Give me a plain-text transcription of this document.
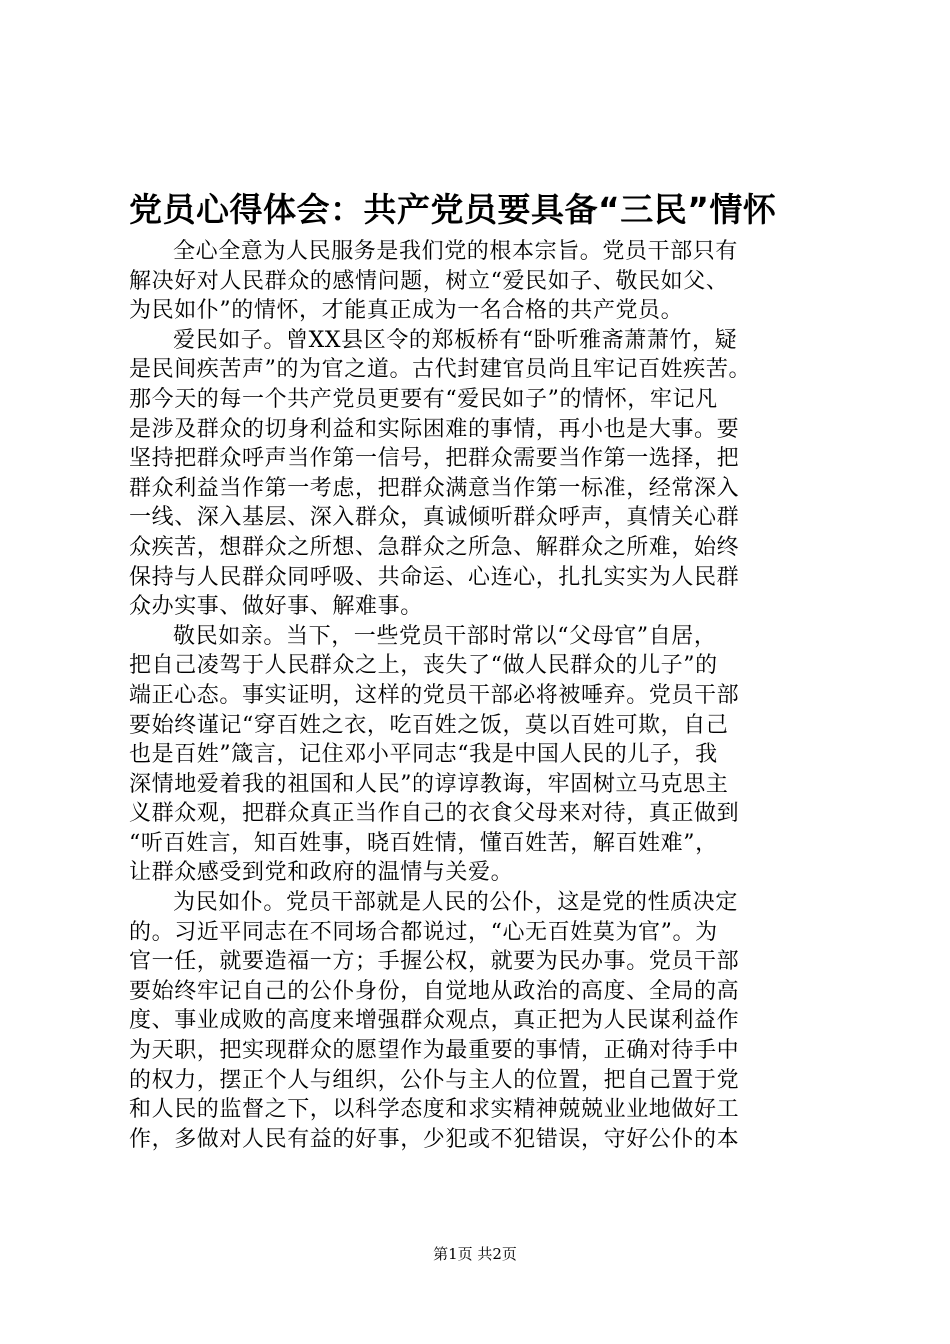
党员心得体会：共产党员要具备“三民”情怀
全心全意为人民服务是我们党的根本宗旨。党员干部只有
解决好对人民群众的感情问题，树立“爱民如子、敬民如父、
为民如仆”的情怀，才能真正成为一名合格的共产党员。
爱民如子。曾XX县区令的郑板桥有“卧听雅斋萧萧竹，疑
是民间疾苦声”的为官之道。古代封建官员尚且牢记百姓疾苦。
那今天的每一个共产党员更要有“爱民如子”的情怀，牢记凡
是涉及群众的切身利益和实际困难的事情，再小也是大事。要
坚持把群众呼声当作第一信号，把群众需要当作第一选择，把
群众利益当作第一考虑，把群众满意当作第一标准，经常深入
一线、深入基层、深入群众，真诚倾听群众呼声，真情关心群
众疾苦，想群众之所想、急群众之所急、解群众之所难，始终
保持与人民群众同呼吸、共命运、心连心，扎扎实实为人民群
众办实事、做好事、解难事。
敬民如亲。当下，一些党员干部时常以“父母官”自居，
把自己凌驾于人民群众之上，丧失了“做人民群众的儿子”的
端正心态。事实证明，这样的党员干部必将被唾弃。党员干部
要始终谨记“穿百姓之衣，吃百姓之饭，莫以百姓可欺，自己
也是百姓”箴言，记住邓小平同志“我是中国人民的儿子，我
深情地爱着我的祖国和人民”的谆谆教诲，牢固树立马克思主
义群众观，把群众真正当作自己的衣食父母来对待，真正做到
“听百姓言，知百姓事，晓百姓情，懂百姓苦，解百姓难”，
让群众感受到党和政府的温情与关爱。
为民如仆。党员干部就是人民的公仆，这是党的性质决定
的。习近平同志在不同场合都说过，“心无百姓莫为官”。为
官一任，就要造福一方；手握公权，就要为民办事。党员干部
要始终牢记自己的公仆身份，自觉地从政治的高度、全局的高
度、事业成败的高度来增强群众观点，真正把为人民谋利益作
为天职，把实现群众的愿望作为最重要的事情，正确对待手中
的权力，摆正个人与组织，公仆与主人的位置，把自己置于党
和人民的监督之下，以科学态度和求实精神兢兢业业地做好工
作，多做对人民有益的好事，少犯或不犯错误，守好公仆的本
第1页 共2页
